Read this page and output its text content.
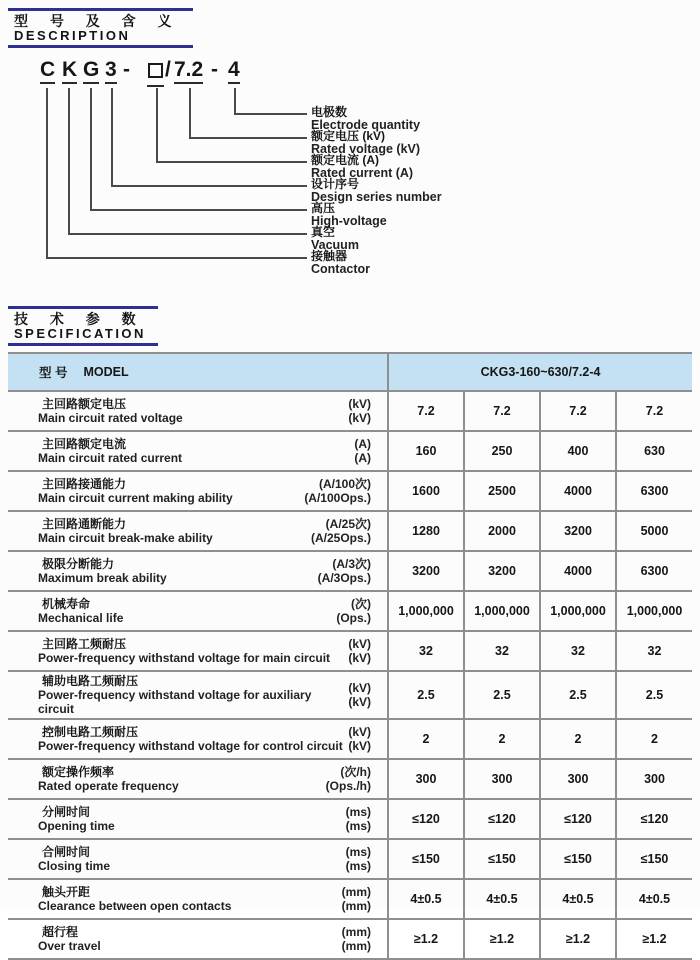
型 号 及 含 义
DESCRIPTION
C K G 3 - / 7.2 - 4
电极数
Electrode quantity
额定电压 (kV)
Rated voltage (kV)
额定电流 (A)
Rated current (A)
设计序号
Design series number
高压
High-voltage
真空
Vacuum
接触器
Contactor
技 术 参 数
SPECIFICATION
型 号 MODEL	CKG3-160~630/7.2-4			

主回路额定电压
Main circuit rated voltage
(kV)
(kV)	7.2	7.2	7.2	7.2

主回路额定电流
Main circuit rated current
(A)
(A)	160	250	400	630

主回路接通能力
Main circuit current making ability
(A/100次)
(A/100Ops.)	1600	2500	4000	6300

主回路通断能力
Main circuit break-make ability
(A/25次)
(A/25Ops.)	1280	2000	3200	5000

极限分断能力
Maximum break ability
(A/3次)
(A/3Ops.)	3200	3200	4000	6300

机械寿命
Mechanical life
(次)
(Ops.)	1,000,000	1,000,000	1,000,000	1,000,000

主回路工频耐压
Power-frequency withstand voltage for main circuit
(kV)
(kV)	32	32	32	32

辅助电路工频耐压
Power-frequency withstand voltage for auxiliary circuit
(kV)
(kV)	2.5	2.5	2.5	2.5

控制电路工频耐压
Power-frequency withstand voltage for control circuit
(kV)
(kV)	2	2	2	2

额定操作频率
Rated operate frequency
(次/h)
(Ops./h)	300	300	300	300

分闸时间
Opening time
(ms)
(ms)	≤120	≤120	≤120	≤120

合闸时间
Closing time
(ms)
(ms)	≤150	≤150	≤150	≤150

触头开距
Clearance between open contacts
(mm)
(mm)	4±0.5	4±0.5	4±0.5	4±0.5

超行程
Over travel
(mm)
(mm)	≥1.2	≥1.2	≥1.2	≥1.2
